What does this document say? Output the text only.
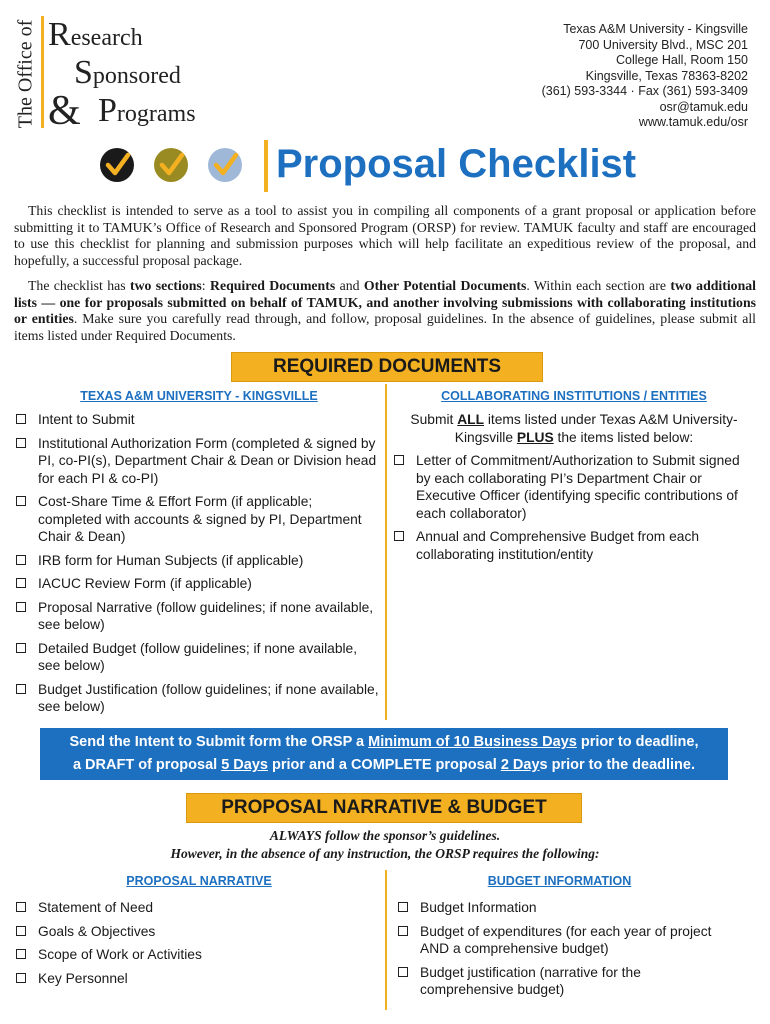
The Office of Research
Sponsored
& Programs
Texas A&M University - Kingsville
700 University Blvd., MSC 201
College Hall, Room 150
Kingsville, Texas 78363-8202
(361) 593-3344 · Fax (361) 593-3409
osr@tamuk.edu
www.tamuk.edu/osr
Proposal Checklist
This checklist is intended to serve as a tool to assist you in compiling all components of a grant proposal or application before submitting it to TAMUK’s Office of Research and Sponsored Program (ORSP) for review. TAMUK faculty and staff are encouraged to use this checklist for planning and submission purposes which will help facilitate an expeditious review of the proposal, and hopefully, a successful proposal package.
The checklist has two sections: Required Documents and Other Potential Documents. Within each section are two additional lists — one for proposals submitted on behalf of TAMUK, and another involving submissions with collaborating institutions or entities. Make sure you carefully read through, and follow, proposal guidelines. In the absence of guidelines, please submit all items listed under Required Documents.
REQUIRED DOCUMENTS
TEXAS A&M UNIVERSITY - KINGSVILLE	COLLABORATING INSTITUTIONS / ENTITIES
Intent to Submit
Institutional Authorization Form (completed & signed by PI, co-PI(s), Department Chair & Dean or Division head for each PI & co-PI)
Cost-Share Time & Effort Form (if applicable; completed with accounts & signed by PI, Department Chair & Dean)
IRB form for Human Subjects (if applicable)
IACUC Review Form (if applicable)
Proposal Narrative (follow guidelines; if none available, see below)
Detailed Budget (follow guidelines; if none available, see below)
Budget Justification (follow guidelines; if none available, see below)
Submit ALL items listed under Texas A&M University-Kingsville PLUS the items listed below:
Letter of Commitment/Authorization to Submit signed by each collaborating PI’s Department Chair or Executive Officer (identifying specific contributions of each collaborator)
Annual and Comprehensive Budget from each collaborating institution/entity
Send the Intent to Submit form the ORSP a Minimum of 10 Business Days prior to deadline,
a DRAFT of proposal 5 Days prior and a COMPLETE proposal 2 Days prior to the deadline.
PROPOSAL NARRATIVE & BUDGET
ALWAYS follow the sponsor’s guidelines.
However, in the absence of any instruction, the ORSP requires the following:
PROPOSAL NARRATIVE	BUDGET INFORMATION
Statement of Need
Goals & Objectives
Scope of Work or Activities
Key Personnel
Budget Information
Budget of expenditures (for each year of project AND a comprehensive budget)
Budget justification (narrative for the comprehensive budget)
